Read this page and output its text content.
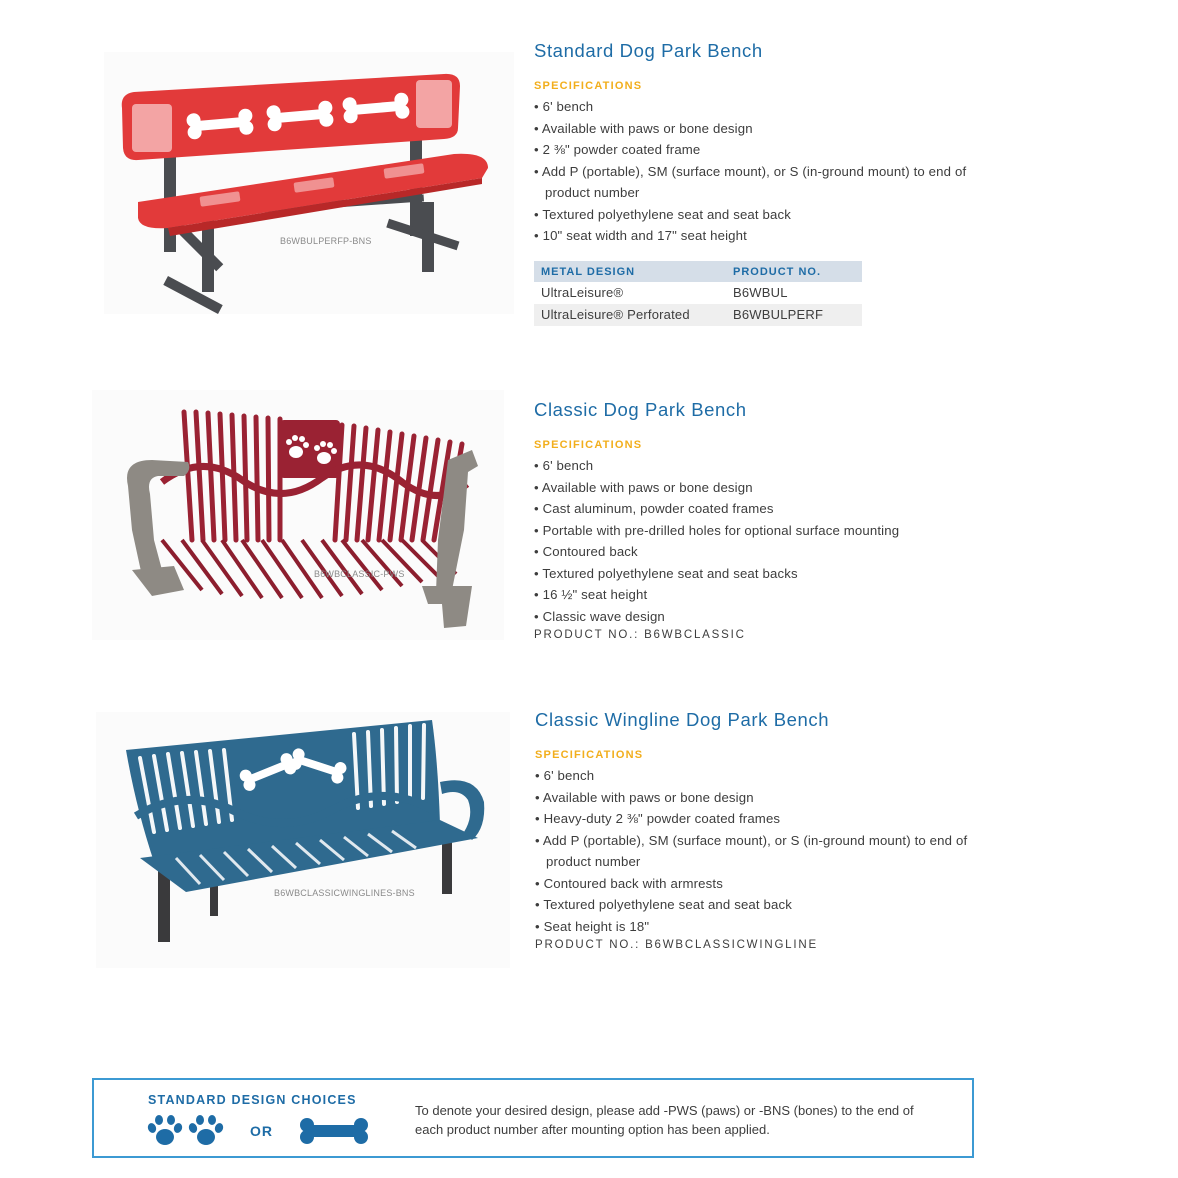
B6WBULPERFP-BNS
Standard Dog Park Bench
SPECIFICATIONS
• 6' bench
• Available with paws or bone design
• 2 ⅜" powder coated frame
• Add P (portable), SM (surface mount), or S (in-ground mount) to end of product number
• Textured polyethylene seat and seat back
• 10" seat width and 17" seat height
METAL DESIGN	PRODUCT NO.
UltraLeisure®	B6WBUL
UltraLeisure® Perforated	B6WBULPERF
B6WBCLASSIC-PWS
Classic Dog Park Bench
SPECIFICATIONS
• 6' bench
• Available with paws or bone design
• Cast aluminum, powder coated frames
• Portable with pre-drilled holes for optional surface mounting
• Contoured back
• Textured polyethylene seat and seat backs
• 16 ½" seat height
• Classic wave design
PRODUCT NO.: B6WBCLASSIC
B6WBCLASSICWINGLINES-BNS
Classic Wingline Dog Park Bench
SPECIFICATIONS
• 6' bench
• Available with paws or bone design
• Heavy-duty 2 ⅜" powder coated frames
• Add P (portable), SM (surface mount), or S (in-ground mount) to end of product number
• Contoured back with armrests
• Textured polyethylene seat and seat back
• Seat height is 18"
PRODUCT NO.: B6WBCLASSICWINGLINE
STANDARD DESIGN CHOICES
OR
To denote your desired design, please add -PWS (paws) or -BNS (bones) to the end of each product number after mounting option has been applied.
